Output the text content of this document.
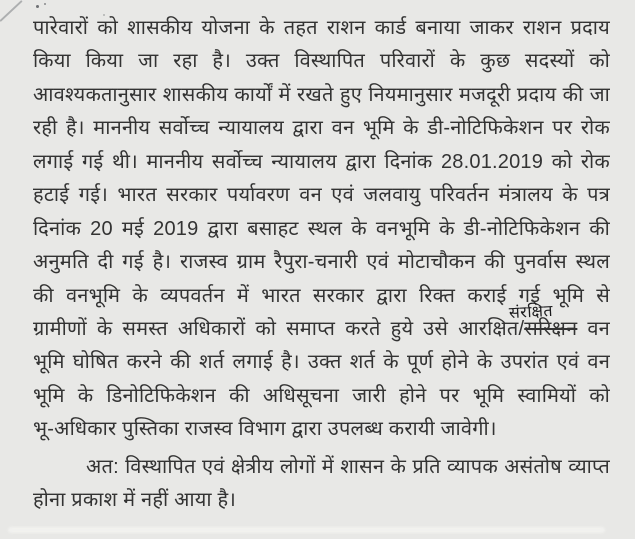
पारेवारों को शासकीय योजना के तहत राशन कार्ड बनाया जाकर राशन प्रदाय
किया किया जा रहा है। उक्त विस्थापित परिवारों के कुछ सदस्यों को
आवश्यकतानुसार शासकीय कार्यों में रखते हुए नियमानुसार मजदूरी प्रदाय की जा
रही है। माननीय सर्वोच्च न्यायालय द्वारा वन भूमि के डी-नोटिफिकेशन पर रोक
लगाई गई थी। माननीय सर्वोच्च न्यायालय द्वारा दिनांक 28.01.2019 को रोक
हटाई गई। भारत सरकार पर्यावरण वन एवं जलवायु परिवर्तन मंत्रालय के पत्र
दिनांक 20 मई 2019 द्वारा बसाहट स्थल के वनभूमि के डी-नोटिफिकेशन की
अनुमति दी गई है। राजस्व ग्राम रैपुरा-चनारी एवं मोटाचौकन की पुनर्वास स्थल
की वनभूमि के व्यपवर्तन में भारत सरकार द्वारा रिक्त कराई गई भूमि से
ग्रामीणों के समस्त अधिकारों को समाप्त करते हुये उसे आरक्षित/सरिक्षन वन
भूमि घोषित करने की शर्त लगाई है। उक्त शर्त के पूर्ण होने के उपरांत एवं वन
भूमि के डिनोटिफिकेशन की अधिसूचना जारी होने पर भूमि स्वामियों को
भू-अधिकार पुस्तिका राजस्व विभाग द्वारा उपलब्ध करायी जावेगी।
अत: विस्थापित एवं क्षेत्रीय लोगों में शासन के प्रति व्यापक असंतोष व्याप्त
होना प्रकाश में नहीं आया है।
संरक्षित
